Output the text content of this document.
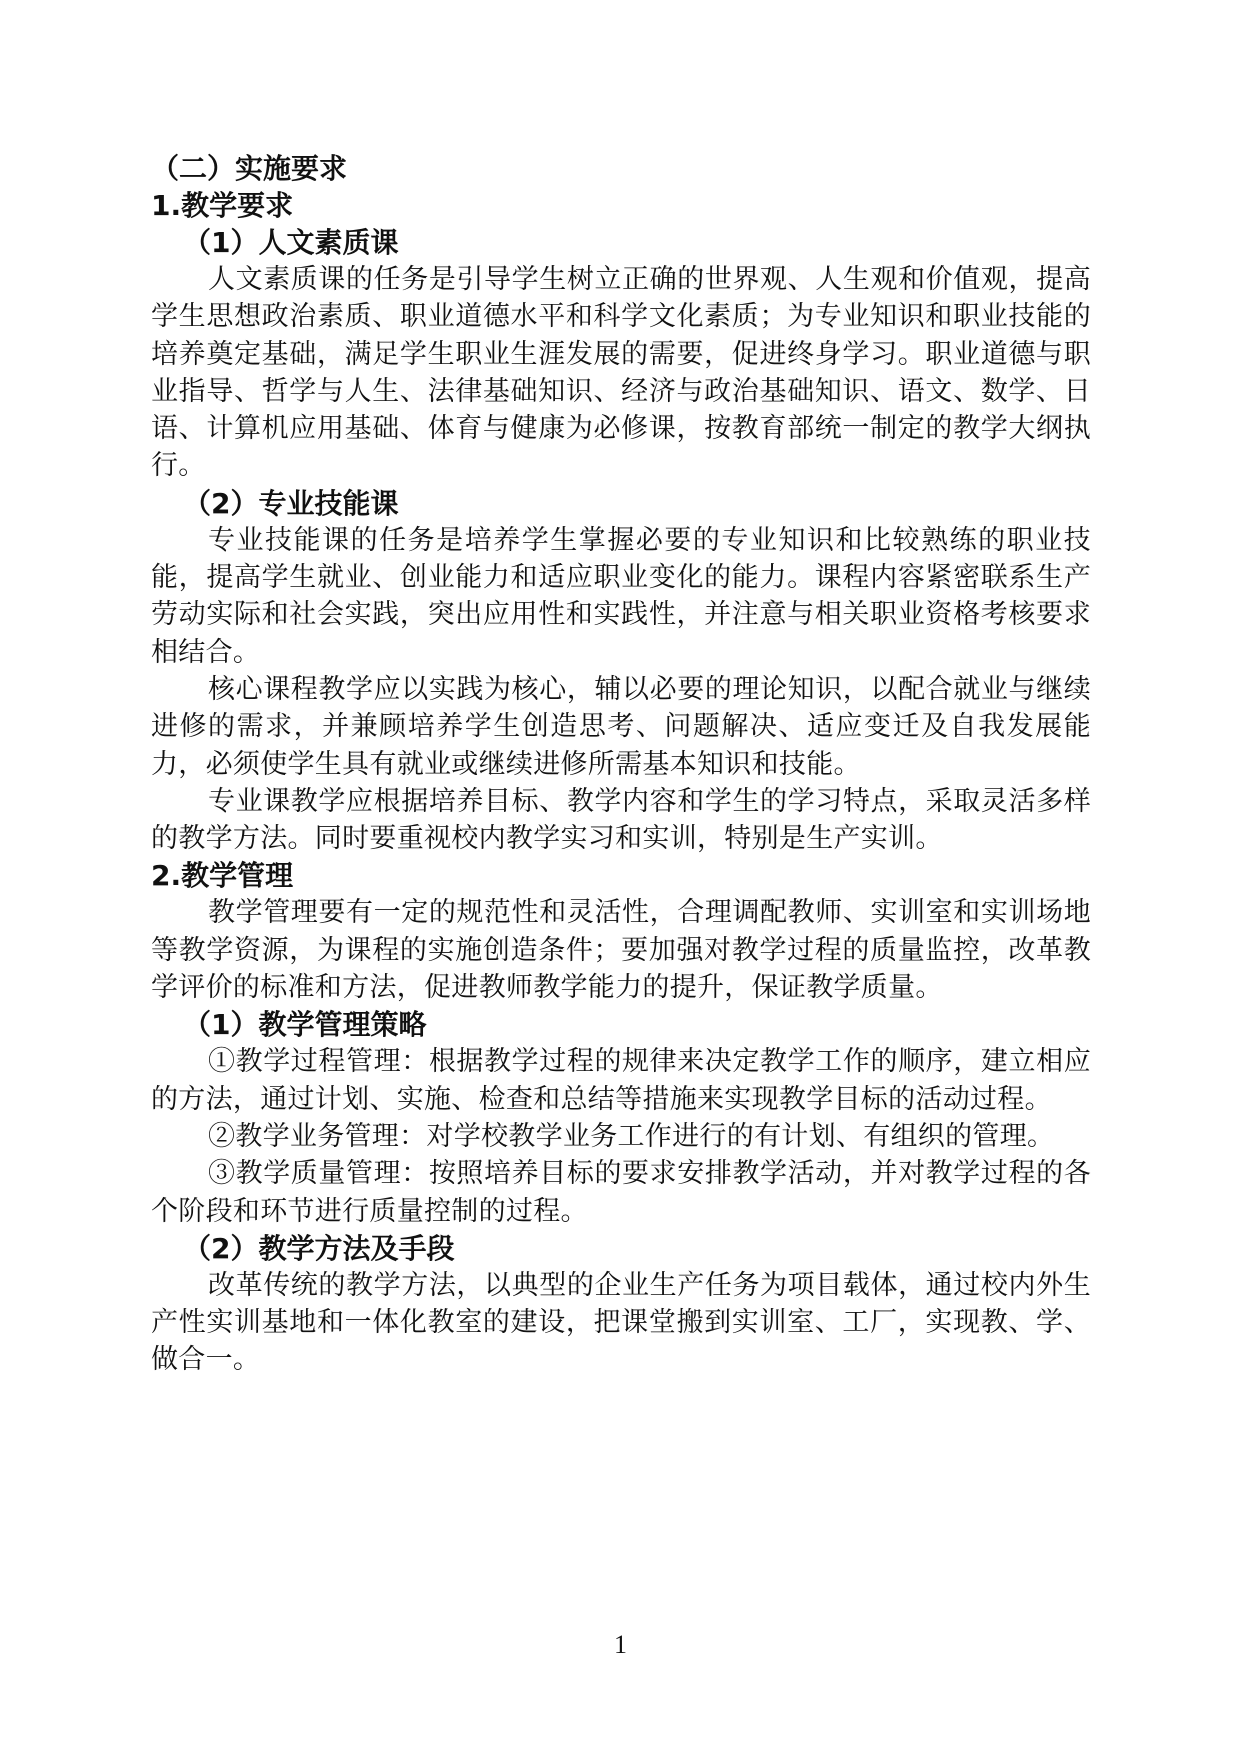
（二）实施要求

1.教学要求

（1）人文素质课

人文素质课的任务是引导学生树立正确的世界观、人生观和价值观，提高学生思想政治素质、职业道德水平和科学文化素质；为专业知识和职业技能的培养奠定基础，满足学生职业生涯发展的需要，促进终身学习。职业道德与职业指导、哲学与人生、法律基础知识、经济与政治基础知识、语文、数学、日语、计算机应用基础、体育与健康为必修课，按教育部统一制定的教学大纲执行。

（2）专业技能课

专业技能课的任务是培养学生掌握必要的专业知识和比较熟练的职业技能，提高学生就业、创业能力和适应职业变化的能力。课程内容紧密联系生产劳动实际和社会实践，突出应用性和实践性，并注意与相关职业资格考核要求相结合。

核心课程教学应以实践为核心，辅以必要的理论知识，以配合就业与继续进修的需求，并兼顾培养学生创造思考、问题解决、适应变迁及自我发展能力，必须使学生具有就业或继续进修所需基本知识和技能。

专业课教学应根据培养目标、教学内容和学生的学习特点，采取灵活多样的教学方法。同时要重视校内教学实习和实训，特别是生产实训。

2.教学管理

教学管理要有一定的规范性和灵活性，合理调配教师、实训室和实训场地等教学资源，为课程的实施创造条件；要加强对教学过程的质量监控，改革教学评价的标准和方法，促进教师教学能力的提升，保证教学质量。

（1）教学管理策略

①教学过程管理：根据教学过程的规律来决定教学工作的顺序，建立相应的方法，通过计划、实施、检查和总结等措施来实现教学目标的活动过程。

②教学业务管理：对学校教学业务工作进行的有计划、有组织的管理。

③教学质量管理：按照培养目标的要求安排教学活动，并对教学过程的各个阶段和环节进行质量控制的过程。

（2）教学方法及手段

改革传统的教学方法，以典型的企业生产任务为项目载体，通过校内外生产性实训基地和一体化教室的建设，把课堂搬到实训室、工厂，实现教、学、做合一。

1
